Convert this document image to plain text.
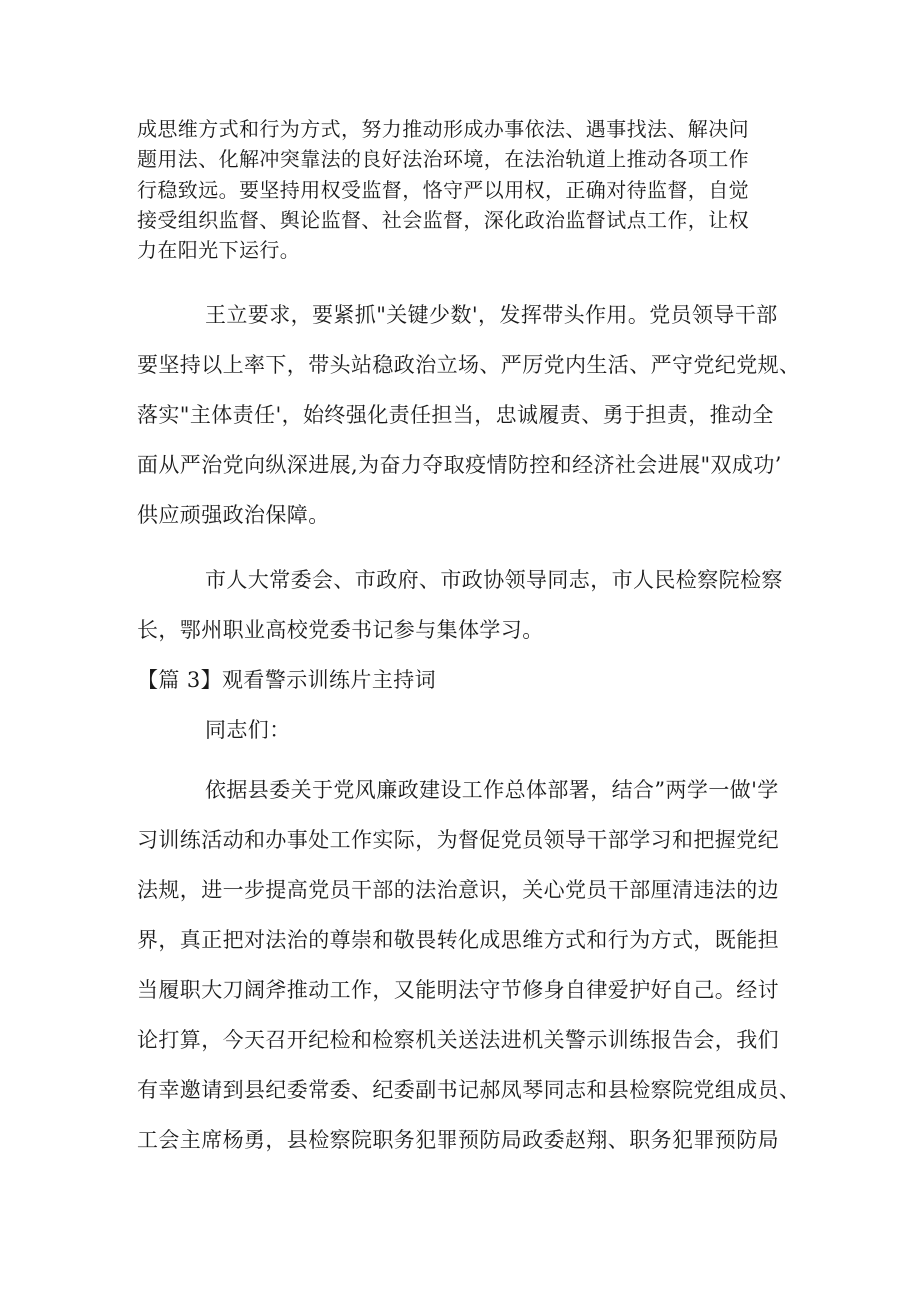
成思维方式和行为方式，努力推动形成办事依法、遇事找法、解决问
题用法、化解冲突靠法的良好法治环境，在法治轨道上推动各项工作
行稳致远。要坚持用权受监督，恪守严以用权，正确对待监督，自觉
接受组织监督、舆论监督、社会监督，深化政治监督试点工作，让权
力在阳光下运行。
王立要求，要紧抓"关键少数'，发挥带头作用。党员领导干部
要坚持以上率下，带头站稳政治立场、严厉党内生活、严守党纪党规、
落实"主体责任'，始终强化责任担当，忠诚履责、勇于担责，推动全
面从严治党向纵深进展,为奋力夺取疫情防控和经济社会进展"双成功’
供应顽强政治保障。
市人大常委会、市政府、市政协领导同志，市人民检察院检察
长，鄂州职业高校党委书记参与集体学习。
【篇 3】观看警示训练片主持词
同志们：
依据县委关于党风廉政建设工作总体部署，结合”两学一做'学
习训练活动和办事处工作实际，为督促党员领导干部学习和把握党纪
法规，进一步提高党员干部的法治意识，关心党员干部厘清违法的边
界，真正把对法治的尊崇和敬畏转化成思维方式和行为方式，既能担
当履职大刀阔斧推动工作，又能明法守节修身自律爱护好自己。经讨
论打算，今天召开纪检和检察机关送法进机关警示训练报告会，我们
有幸邀请到县纪委常委、纪委副书记郝凤琴同志和县检察院党组成员、
工会主席杨勇，县检察院职务犯罪预防局政委赵翔、职务犯罪预防局
